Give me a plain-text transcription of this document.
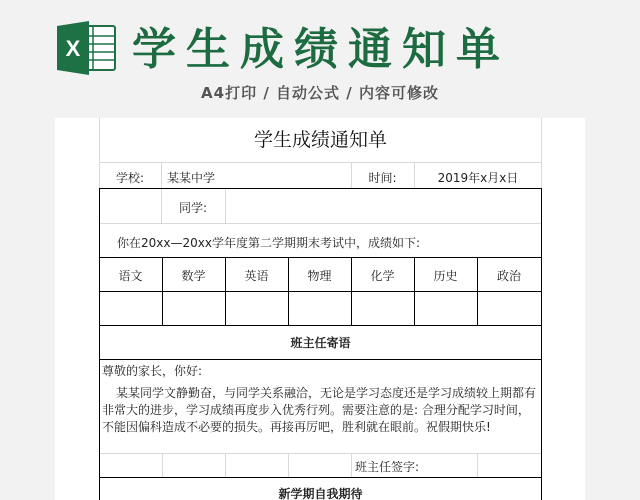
X 学生成绩通知单
A4打印 / 自动公式 / 内容可修改
学生成绩通知单
学校:	某某中学	时间:	2019年x月x日
同学:
你在20xx—20xx学年度第二学期期末考试中，成绩如下:
语文	数学	英语	物理	化学	历史	政治
班主任寄语
尊敬的家长，你好:
某某同学文静勤奋，与同学关系融洽，无论是学习态度还是学习成绩较上期都有
非常大的进步，学习成绩再度步入优秀行列。需要注意的是: 合理分配学习时间，
不能因偏科造成不必要的损失。再接再厉吧，胜利就在眼前。祝假期快乐!
班主任签字:
新学期自我期待
